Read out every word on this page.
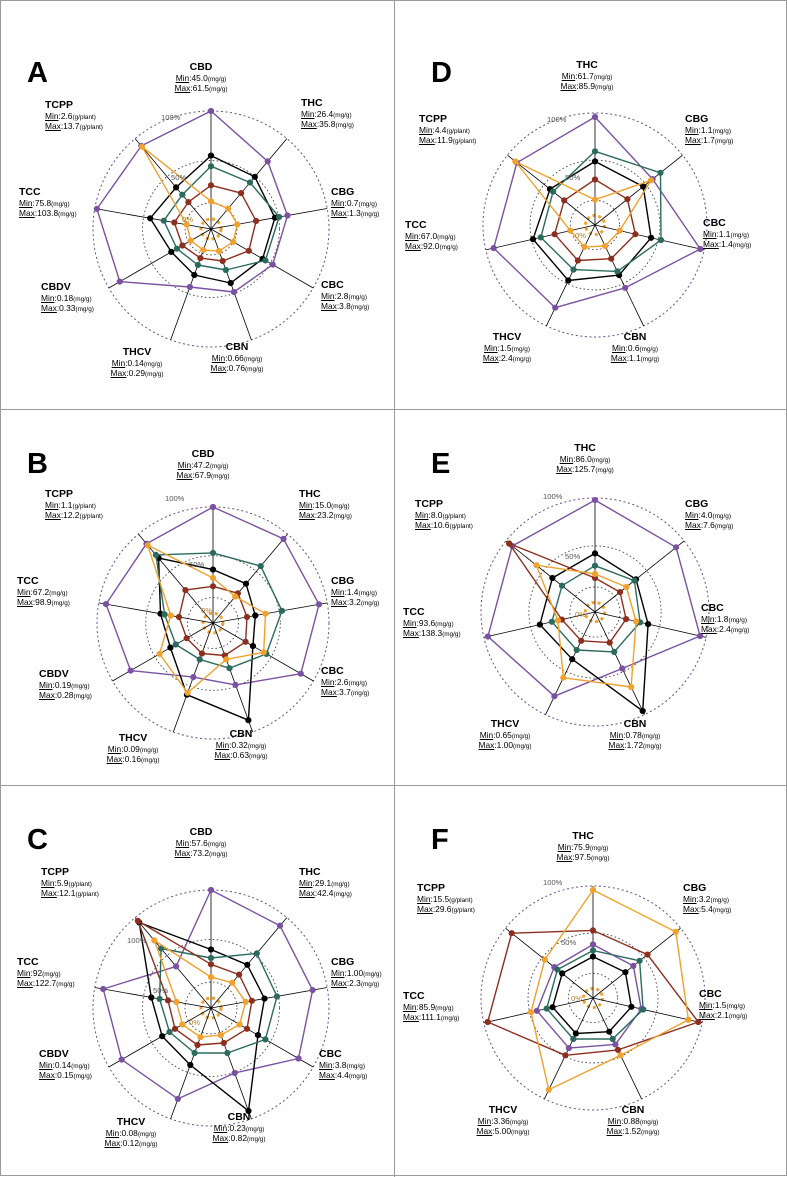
A
100%
50%
0%
CBD
Min:45.0(mg/g)
Max:61.5(mg/g)
THC
Min:26.4(mg/g)
Max:35.8(mg/g)
CBG
Min:0.7(mg/g)
Max:1.3(mg/g)
CBC
Min:2.8(mg/g)
Max:3.8(mg/g)
CBN
Min:0.66(mg/g)
Max:0.76(mg/g)
THCV
Min:0.14(mg/g)
Max:0.29(mg/g)
CBDV
Min:0.18(mg/g)
Max:0.33(mg/g)
TCC
Min:75.8(mg/g)
Max:103.8(mg/g)
TCPP
Min:2.6(g/plant)
Max:13.7(g/plant)
D
100%
50%
0%
THC
Min:61.7(mg/g)
Max:85.9(mg/g)
CBG
Min:1.1(mg/g)
Max:1.7(mg/g)
CBC
Min:1.1(mg/g)
Max:1.4(mg/g)
CBN
Min:0.6(mg/g)
Max:1.1(mg/g)
THCV
Min:1.5(mg/g)
Max:2.4(mg/g)
TCC
Min:67.0(mg/g)
Max:92.0(mg/g)
TCPP
Min:4.4(g/plant)
Max:11.9(g/plant)
B
100%
50%
0%
CBD
Min:47.2(mg/g)
Max:67.9(mg/g)
THC
Min:15.0(mg/g)
Max:23.2(mg/g)
CBG
Min:1.4(mg/g)
Max:3.2(mg/g)
CBC
Min:2.6(mg/g)
Max:3.7(mg/g)
CBN
Min:0.32(mg/g)
Max:0.63(mg/g)
THCV
Min:0.09(mg/g)
Max:0.16(mg/g)
CBDV
Min:0.19(mg/g)
Max:0.28(mg/g)
TCC
Min:67.2(mg/g)
Max:98.9(mg/g)
TCPP
Min:1.1(g/plant)
Max:12.2(g/plant)
E
100%
50%
0%
THC
Min:86.0(mg/g)
Max:125.7(mg/g)
CBG
Min:4.0(mg/g)
Max:7.6(mg/g)
CBC
Min:1.8(mg/g)
Max:2.4(mg/g)
CBN
Min:0.78(mg/g)
Max:1.72(mg/g)
THCV
Min:0.65(mg/g)
Max:1.00(mg/g)
TCC
Min:93.6(mg/g)
Max:138.3(mg/g)
TCPP
Min:8.0(g/plant)
Max:10.6(g/plant)
C
100%
50%
0%
CBD
Min:57.6(mg/g)
Max:73.2(mg/g)
THC
Min:29.1(mg/g)
Max:42.4(mg/g)
CBG
Min:1.00(mg/g)
Max:2.3(mg/g)
CBC
Min:3.8(mg/g)
Max:4.4(mg/g)
CBN
Min:0.23(mg/g)
Max:0.82(mg/g)
THCV
Min:0.08(mg/g)
Max:0.12(mg/g)
CBDV
Min:0.14(mg/g)
Max:0.15(mg/g)
TCC
Min:92(mg/g)
Max:122.7(mg/g)
TCPP
Min:5.9(g/plant)
Max:12.1(g/plant)
F
100%
50%
0%
THC
Min:75.9(mg/g)
Max:97.5(mg/g)
CBG
Min:3.2(mg/g)
Max:5.4(mg/g)
CBC
Min:1.5(mg/g)
Max:2.1(mg/g)
CBN
Min:0.88(mg/g)
Max:1.52(mg/g)
THCV
Min:3.36(mg/g)
Max:5.00(mg/g)
TCC
Min:85.9(mg/g)
Max:111.1(mg/g)
TCPP
Min:15.5(g/plant)
Max:29.6(g/plant)
